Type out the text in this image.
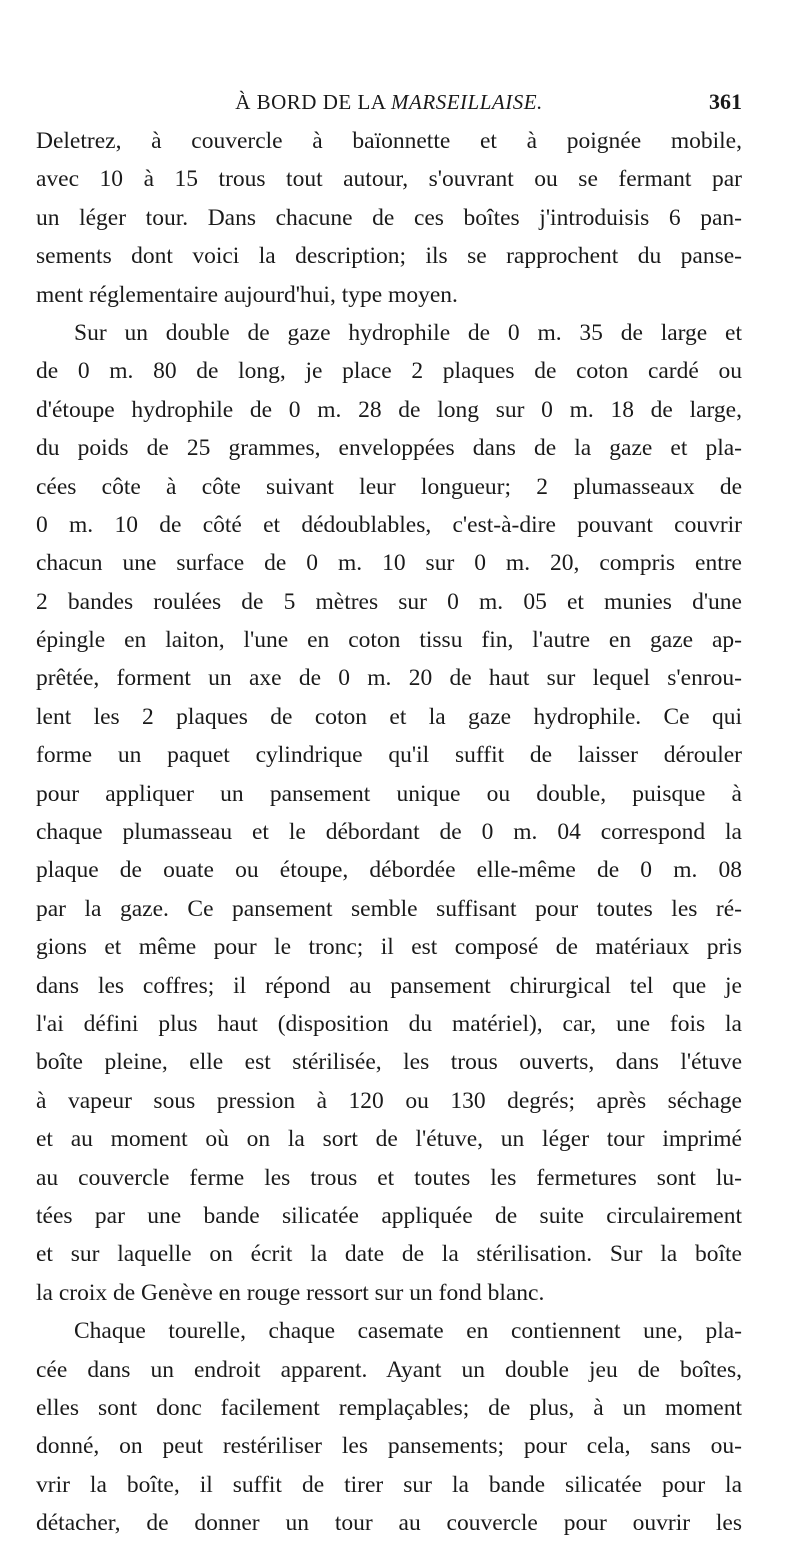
À BORD DE LA MARSEILLAISE.	361
Deletrez, à couvercle à baïonnette et à poignée mobile,
avec 10 à 15 trous tout autour, s'ouvrant ou se fermant par
un léger tour. Dans chacune de ces boîtes j'introduisis 6 pan-
sements dont voici la description; ils se rapprochent du panse-
ment réglementaire aujourd'hui, type moyen.
Sur un double de gaze hydrophile de 0 m. 35 de large et
de 0 m. 80 de long, je place 2 plaques de coton cardé ou
d'étoupe hydrophile de 0 m. 28 de long sur 0 m. 18 de large,
du poids de 25 grammes, enveloppées dans de la gaze et pla-
cées côte à côte suivant leur longueur; 2 plumasseaux de
0 m. 10 de côté et dédoublables, c'est-à-dire pouvant couvrir
chacun une surface de 0 m. 10 sur 0 m. 20, compris entre
2 bandes roulées de 5 mètres sur 0 m. 05 et munies d'une
épingle en laiton, l'une en coton tissu fin, l'autre en gaze ap-
prêtée, forment un axe de 0 m. 20 de haut sur lequel s'enrou-
lent les 2 plaques de coton et la gaze hydrophile. Ce qui
forme un paquet cylindrique qu'il suffit de laisser dérouler
pour appliquer un pansement unique ou double, puisque à
chaque plumasseau et le débordant de 0 m. 04 correspond la
plaque de ouate ou étoupe, débordée elle-même de 0 m. 08
par la gaze. Ce pansement semble suffisant pour toutes les ré-
gions et même pour le tronc; il est composé de matériaux pris
dans les coffres; il répond au pansement chirurgical tel que je
l'ai défini plus haut (disposition du matériel), car, une fois la
boîte pleine, elle est stérilisée, les trous ouverts, dans l'étuve
à vapeur sous pression à 120 ou 130 degrés; après séchage
et au moment où on la sort de l'étuve, un léger tour imprimé
au couvercle ferme les trous et toutes les fermetures sont lu-
tées par une bande silicatée appliquée de suite circulairement
et sur laquelle on écrit la date de la stérilisation. Sur la boîte
la croix de Genève en rouge ressort sur un fond blanc.
Chaque tourelle, chaque casemate en contiennent une, pla-
cée dans un endroit apparent. Ayant un double jeu de boîtes,
elles sont donc facilement remplaçables; de plus, à un moment
donné, on peut restériliser les pansements; pour cela, sans ou-
vrir la boîte, il suffit de tirer sur la bande silicatée pour la
détacher, de donner un tour au couvercle pour ouvrir les
